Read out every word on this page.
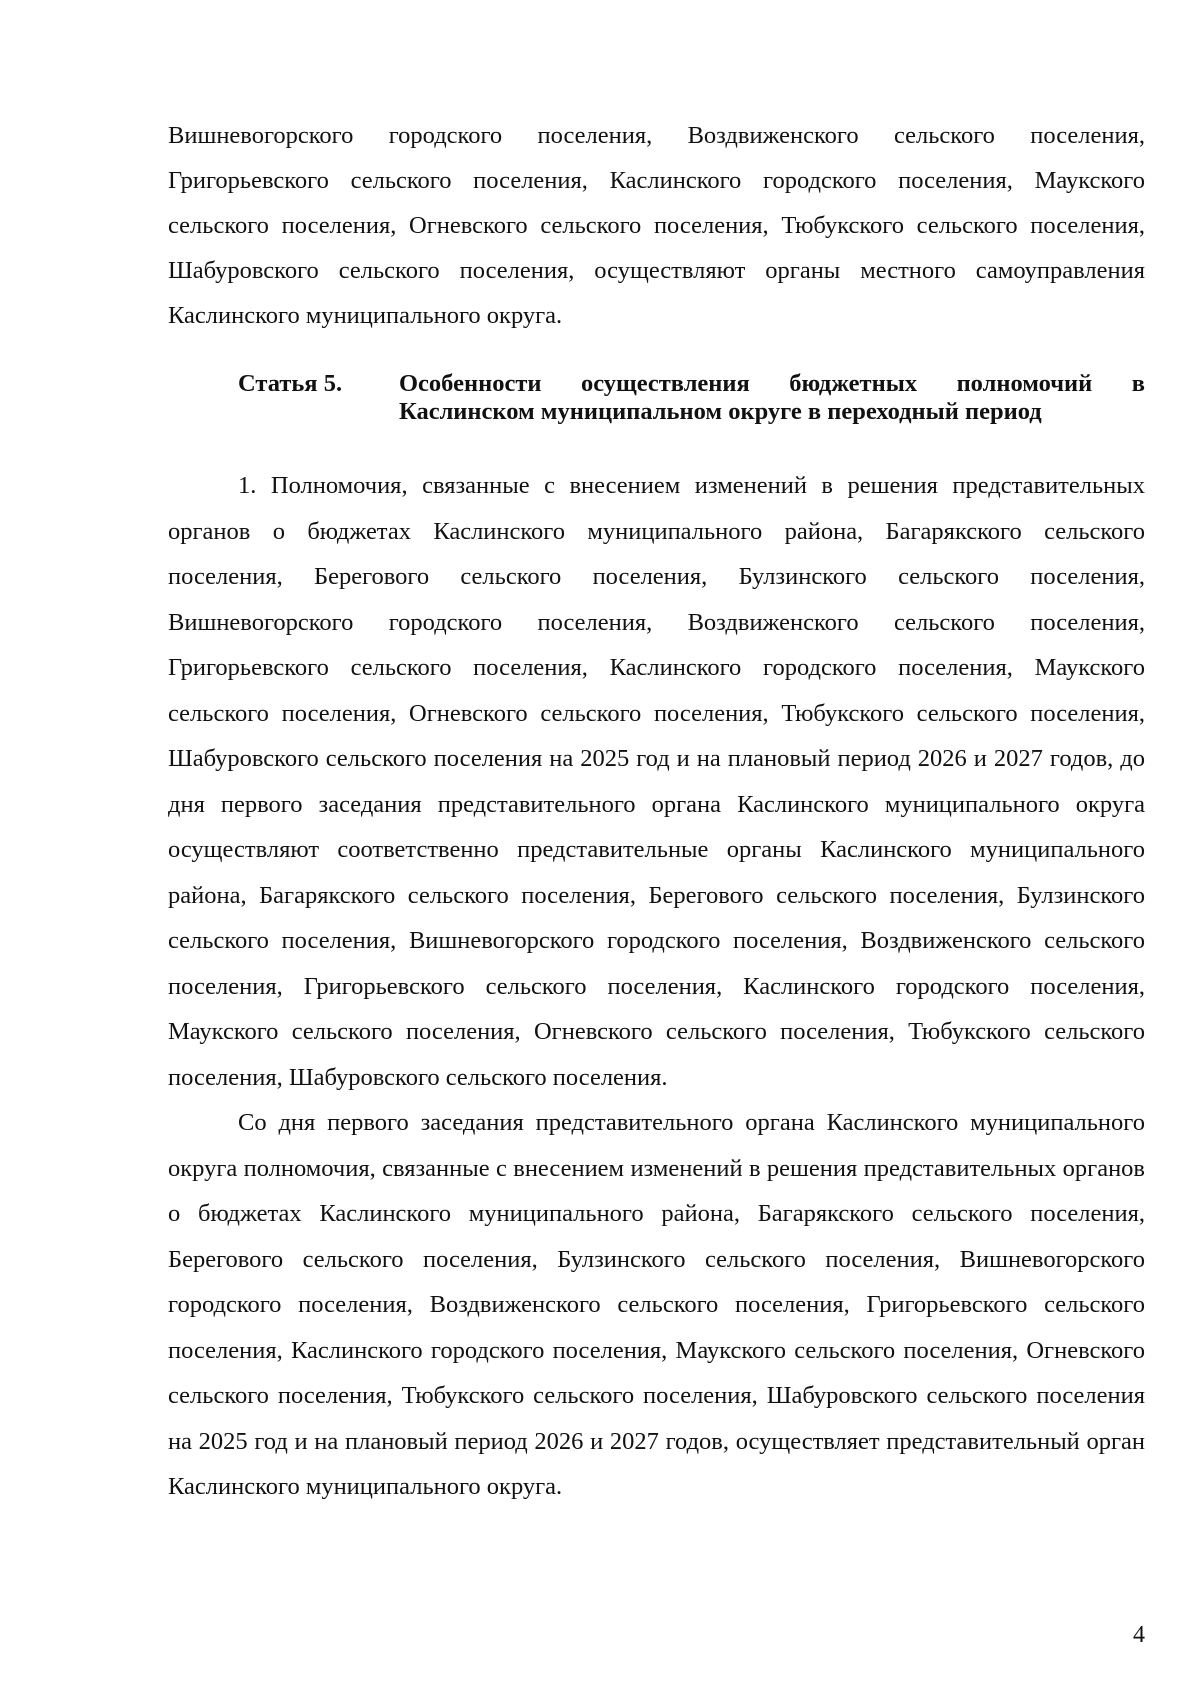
Вишневогорского городского поселения, Воздвиженского сельского поселения, Григорьевского сельского поселения, Каслинского городского поселения, Маукского сельского поселения, Огневского сельского поселения, Тюбукского сельского поселения, Шабуровского сельского поселения, осуществляют органы местного самоуправления Каслинского муниципального округа.
Статья 5.	Особенности осуществления бюджетных полномочий в Каслинском муниципальном округе в переходный период

1. Полномочия, связанные с внесением изменений в решения представительных органов о бюджетах Каслинского муниципального района, Багарякского сельского поселения, Берегового сельского поселения, Булзинского сельского поселения, Вишневогорского городского поселения, Воздвиженского сельского поселения, Григорьевского сельского поселения, Каслинского городского поселения, Маукского сельского поселения, Огневского сельского поселения, Тюбукского сельского поселения, Шабуровского сельского поселения на 2025 год и на плановый период 2026 и 2027 годов, до дня первого заседания представительного органа Каслинского муниципального округа осуществляют соответственно представительные органы Каслинского муниципального района, Багарякского сельского поселения, Берегового сельского поселения, Булзинского сельского поселения, Вишневогорского городского поселения, Воздвиженского сельского поселения, Григорьевского сельского поселения, Каслинского городского поселения, Маукского сельского поселения, Огневского сельского поселения, Тюбукского сельского поселения, Шабуровского сельского поселения.

Со дня первого заседания представительного органа Каслинского муниципального округа полномочия, связанные с внесением изменений в решения представительных органов о бюджетах Каслинского муниципального района, Багарякского сельского поселения, Берегового сельского поселения, Булзинского сельского поселения, Вишневогорского городского поселения, Воздвиженского сельского поселения, Григорьевского сельского поселения, Каслинского городского поселения, Маукского сельского поселения, Огневского сельского поселения, Тюбукского сельского поселения, Шабуровского сельского поселения на 2025 год и на плановый период 2026 и 2027 годов, осуществляет представительный орган Каслинского муниципального округа.

4
